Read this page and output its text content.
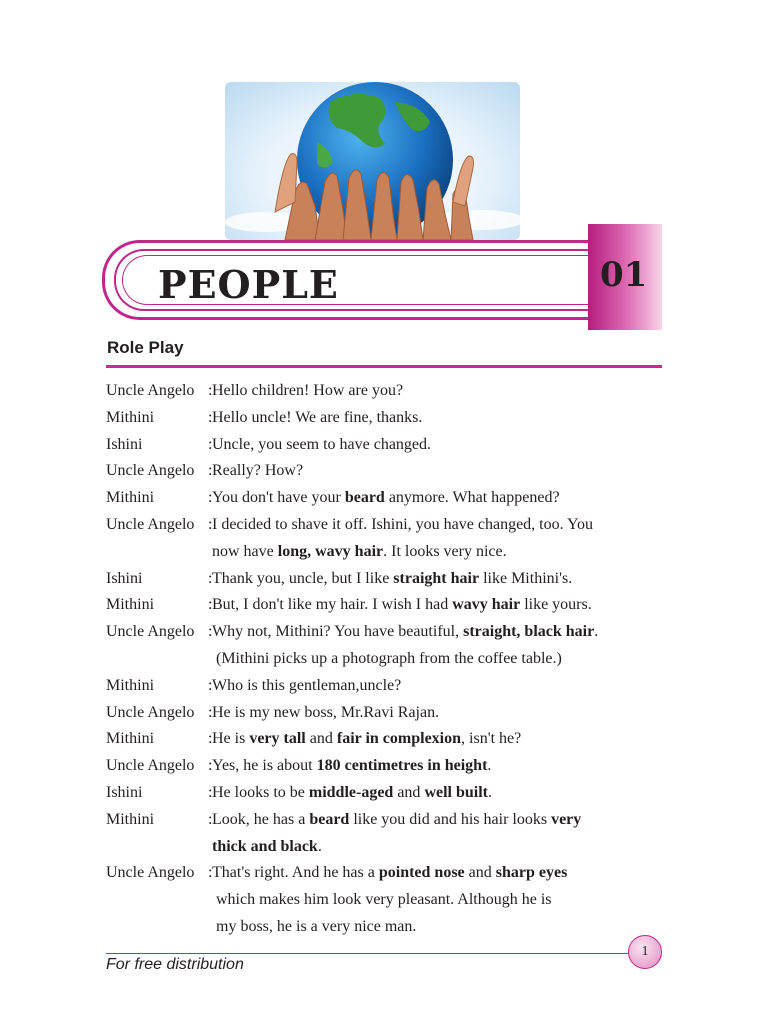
PEOPLE	01
Role Play
Uncle Angelo : Hello children! How are you?
Mithini	: Hello uncle! We are fine, thanks.
Ishini	: Uncle, you seem to have changed.
Uncle Angelo : Really? How?
Mithini	: You don't have your beard anymore. What happened?
Uncle Angelo : I decided to shave it off. Ishini, you have changed, too. You
now have long, wavy hair. It looks very nice.
Ishini	: Thank you, uncle, but I like straight hair like Mithini's.
Mithini	: But, I don't like my hair. I wish I had wavy hair like yours.
Uncle Angelo : Why not, Mithini? You have beautiful, straight, black hair.
(Mithini picks up a photograph from the coffee table.)
Mithini	: Who is this gentleman,uncle?
Uncle Angelo : He is my new boss, Mr.Ravi Rajan.
Mithini	: He is very tall and fair in complexion, isn't he?
Uncle Angelo : Yes, he is about 180 centimetres in height.
Ishini	: He looks to be middle-aged and well built.
Mithini	: Look, he has a beard like you did and his hair looks very
thick and black.
Uncle Angelo : That's right. And he has a pointed nose and sharp eyes
which makes him look very pleasant. Although he is
my boss, he is a very nice man.
For free distribution
1
